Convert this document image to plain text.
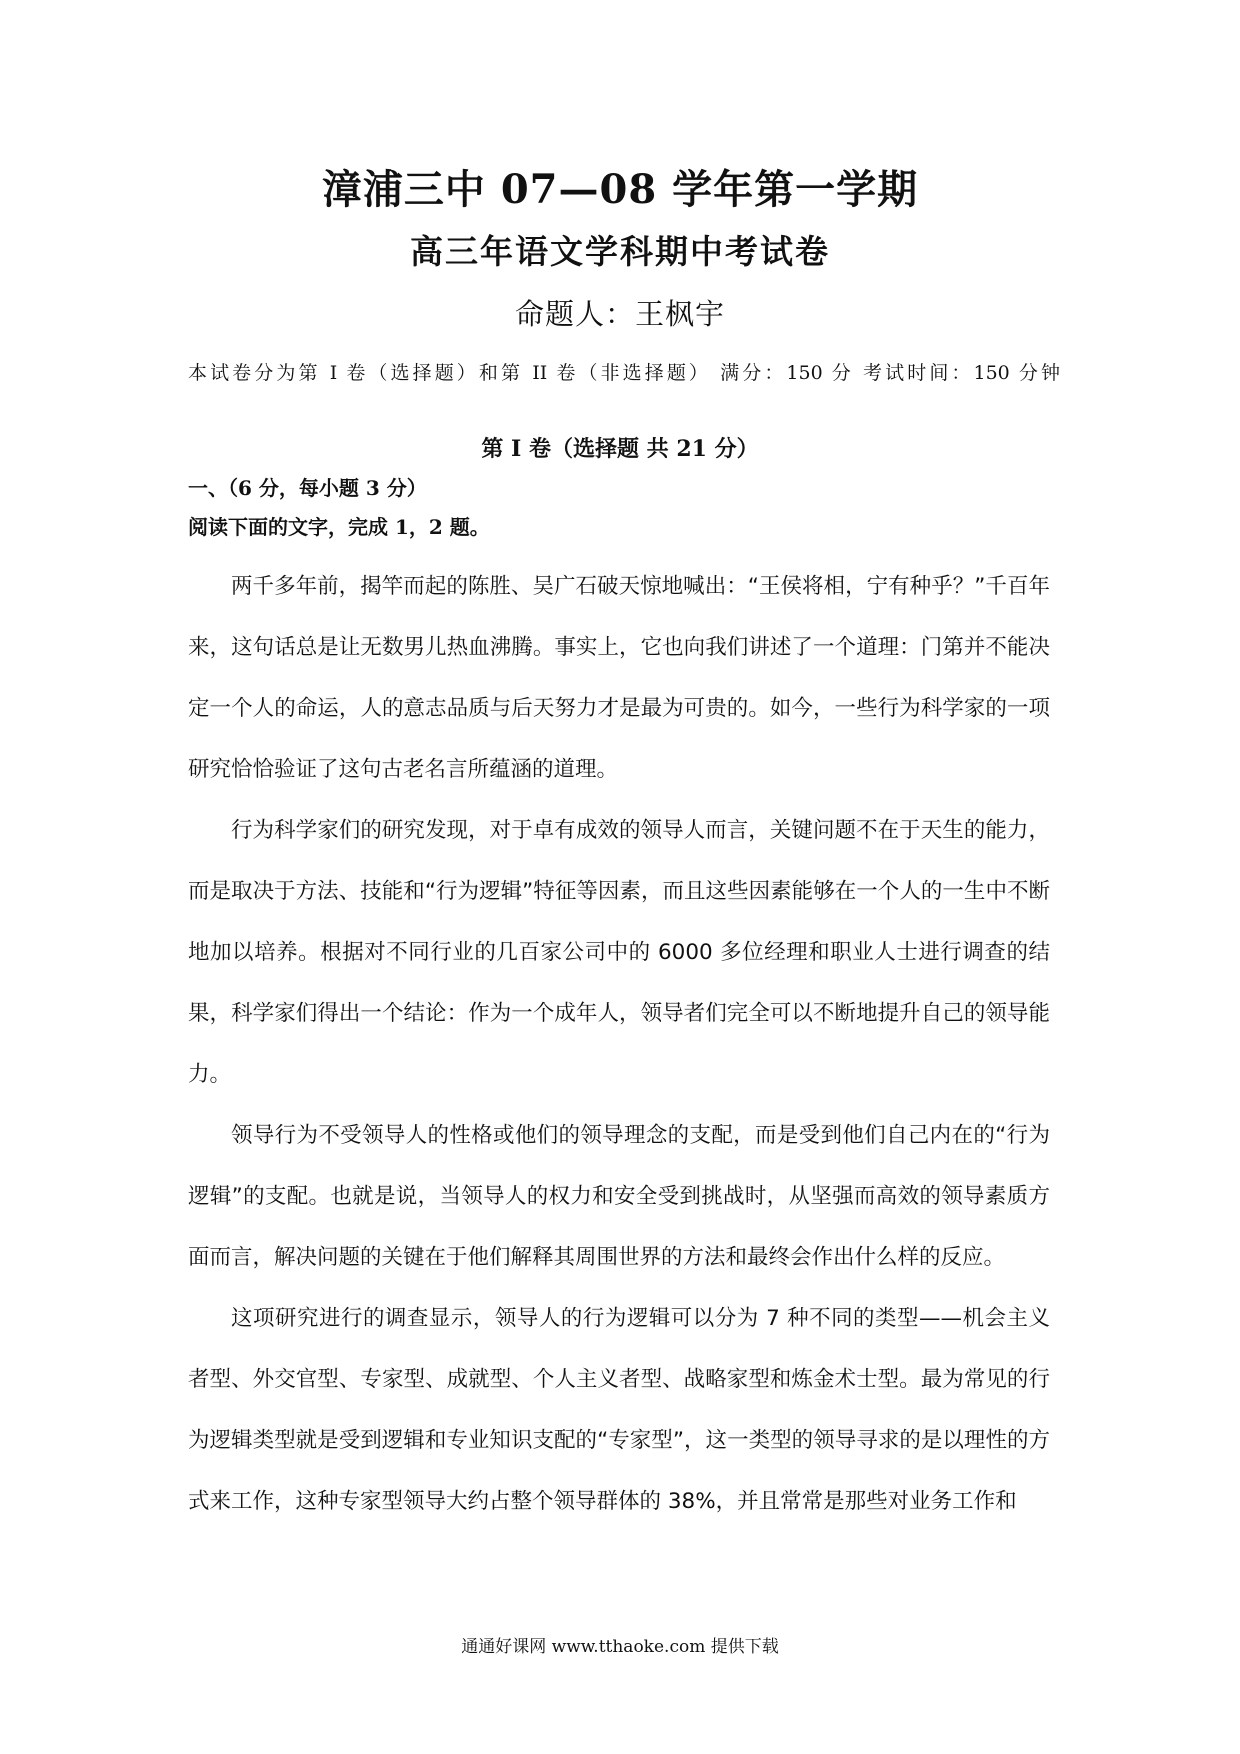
漳浦三中 07—08 学年第一学期
高三年语文学科期中考试卷
命题人：王枫宇
本试卷分为第 I 卷（选择题）和第 II 卷（非选择题） 满分：150 分 考试时间：150 分钟
第 I 卷（选择题 共 21 分）
一、（6 分，每小题 3 分）
阅读下面的文字，完成 1，2 题。

两千多年前，揭竿而起的陈胜、吴广石破天惊地喊出：“王侯将相，宁有种乎？”千百年来，这句话总是让无数男儿热血沸腾。事实上，它也向我们讲述了一个道理：门第并不能决定一个人的命运，人的意志品质与后天努力才是最为可贵的。如今，一些行为科学家的一项研究恰恰验证了这句古老名言所蕴涵的道理。

行为科学家们的研究发现，对于卓有成效的领导人而言，关键问题不在于天生的能力，而是取决于方法、技能和“行为逻辑”特征等因素，而且这些因素能够在一个人的一生中不断地加以培养。根据对不同行业的几百家公司中的 6000 多位经理和职业人士进行调查的结果，科学家们得出一个结论：作为一个成年人，领导者们完全可以不断地提升自己的领导能力。

领导行为不受领导人的性格或他们的领导理念的支配，而是受到他们自己内在的“行为逻辑”的支配。也就是说，当领导人的权力和安全受到挑战时，从坚强而高效的领导素质方面而言，解决问题的关键在于他们解释其周围世界的方法和最终会作出什么样的反应。

这项研究进行的调查显示，领导人的行为逻辑可以分为 7 种不同的类型——机会主义者型、外交官型、专家型、成就型、个人主义者型、战略家型和炼金术士型。最为常见的行为逻辑类型就是受到逻辑和专业知识支配的“专家型”，这一类型的领导寻求的是以理性的方式来工作，这种专家型领导大约占整个领导群体的 38%，并且常常是那些对业务工作和

通通好课网 www.tthaoke.com 提供下载
